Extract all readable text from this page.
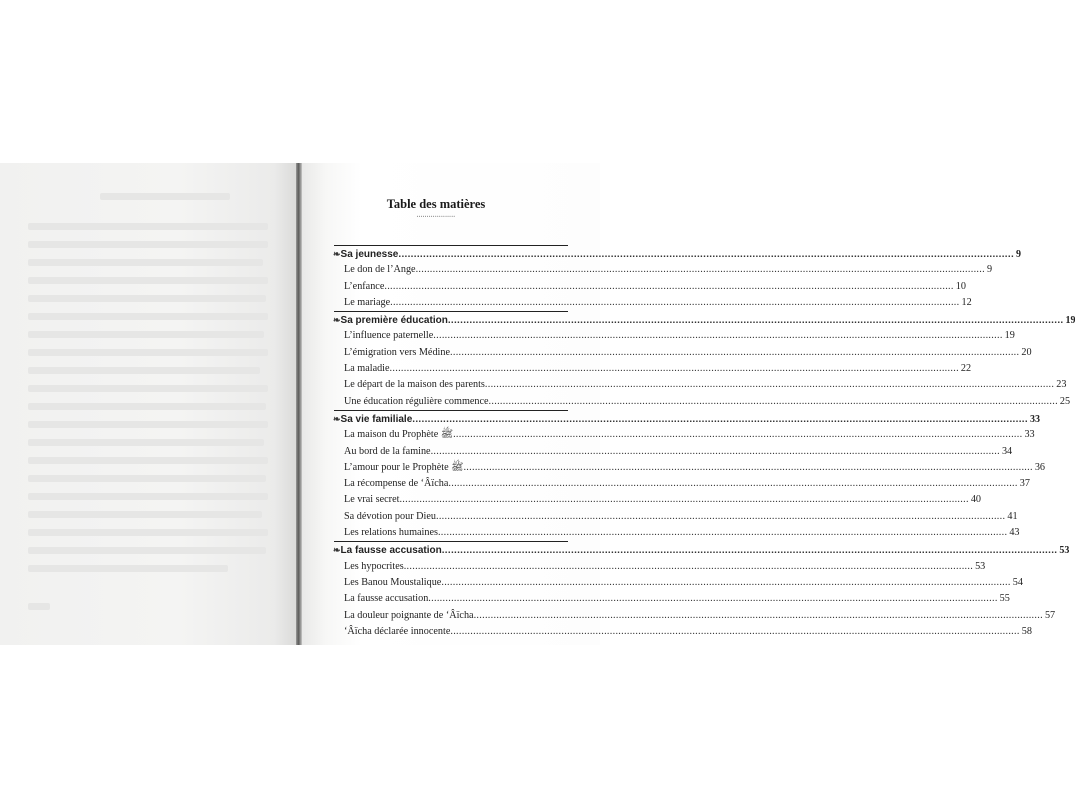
Table des matières
ꞏꞏꞏꞏꞏꞏꞏꞏꞏꞏꞏꞏꞏꞏꞏꞏꞏꞏꞏ
❧ Sa jeunesse ........................................................................................................................................................................................................ 9
Le don de l’Ange ........................................................................................................................................................................................................ 9
L’enfance ........................................................................................................................................................................................................ 10
Le mariage ........................................................................................................................................................................................................ 12
❧ Sa première éducation ........................................................................................................................................................................................................ 19
L’influence paternelle ........................................................................................................................................................................................................ 19
L’émigration vers Médine ........................................................................................................................................................................................................ 20
La maladie ........................................................................................................................................................................................................ 22
Le départ de la maison des parents ........................................................................................................................................................................................................ 23
Une éducation régulière commence ........................................................................................................................................................................................................ 25
❧ Sa vie familiale ........................................................................................................................................................................................................ 33
La maison du Prophète ﷺ ........................................................................................................................................................................................................ 33
Au bord de la famine ........................................................................................................................................................................................................ 34
L’amour pour le Prophète ﷺ ........................................................................................................................................................................................................ 36
La récompense de ‘Âïcha ........................................................................................................................................................................................................ 37
Le vrai secret ........................................................................................................................................................................................................ 40
Sa dévotion pour Dieu ........................................................................................................................................................................................................ 41
Les relations humaines ........................................................................................................................................................................................................ 43
❧ La fausse accusation ........................................................................................................................................................................................................ 53
Les hypocrites ........................................................................................................................................................................................................ 53
Les Banou Moustalique ........................................................................................................................................................................................................ 54
La fausse accusation ........................................................................................................................................................................................................ 55
La douleur poignante de ‘Âïcha ........................................................................................................................................................................................................ 57
‘Âïcha déclarée innocente ........................................................................................................................................................................................................ 58
